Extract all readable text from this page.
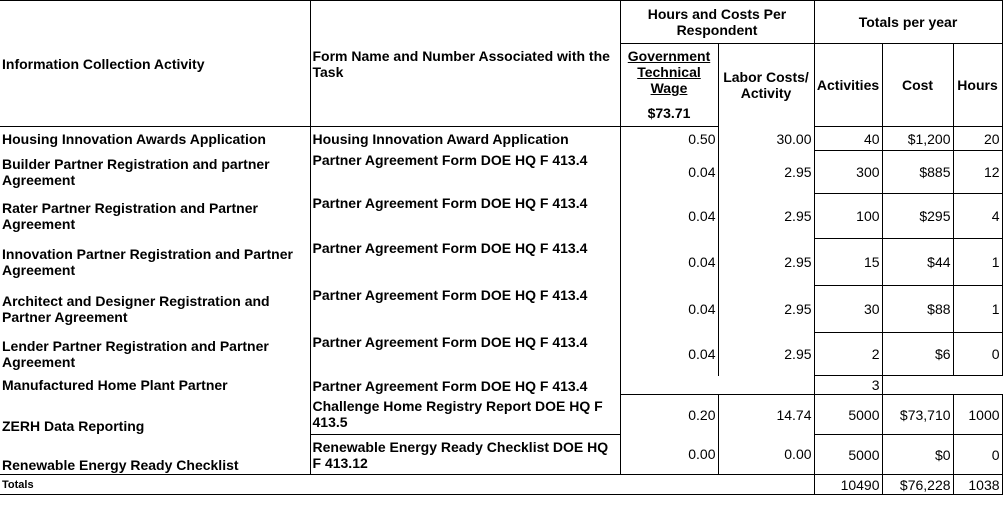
Information Collection Activity	Form Name and Number Associated with the Task	Hours and Costs Per Respondent		Totals per year		
		Government Technical Wage	Labor Costs/ Activity	Activities	Cost	Hours
		$73.71				
Housing Innovation Awards Application	Housing Innovation Award Application	0.50	30.00	40	$1,200	20
Builder Partner Registration and partner Agreement	Partner Agreement Form DOE HQ F 413.4	0.04	2.95	300	$885	12
Rater Partner Registration and Partner Agreement	Partner Agreement Form DOE HQ F 413.4	0.04	2.95	100	$295	4
Innovation Partner Registration and Partner Agreement	Partner Agreement Form DOE HQ F 413.4	0.04	2.95	15	$44	1
Architect and Designer Registration and Partner Agreement	Partner Agreement Form DOE HQ F 413.4	0.04	2.95	30	$88	1
Lender Partner Registration and Partner Agreement	Partner Agreement Form DOE HQ F 413.4	0.04	2.95	2	$6	0
Manufactured Home Plant Partner	Partner Agreement Form DOE HQ F 413.4			3		
ZERH Data Reporting	Challenge Home Registry Report DOE HQ F 413.5	0.20	14.74	5000	$73,710	1000
Renewable Energy Ready Checklist	Renewable Energy Ready Checklist DOE HQ F 413.12	0.00	0.00	5000	$0	0
Totals				10490	$76,228	1038
